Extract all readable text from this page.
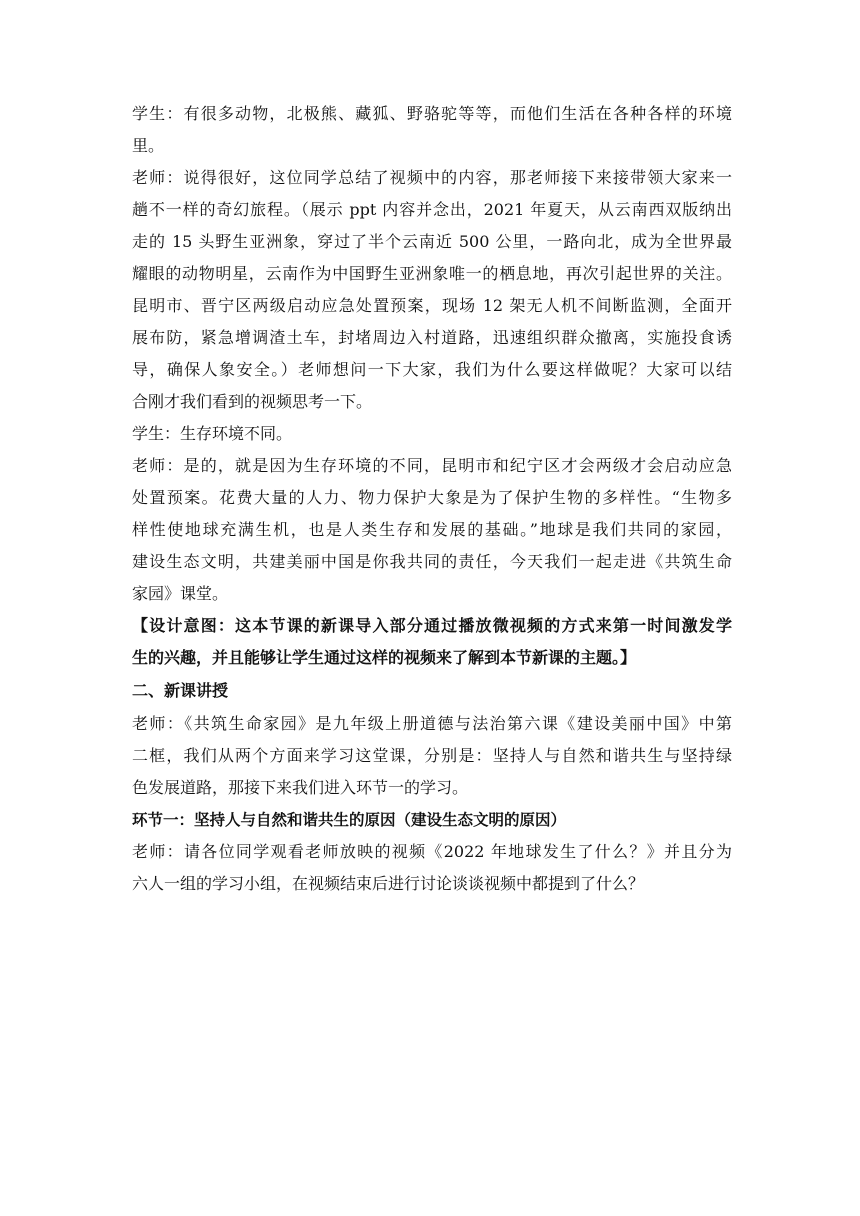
学生：有很多动物，北极熊、藏狐、野骆驼等等，而他们生活在各种各样的环境
里。
老师：说得很好，这位同学总结了视频中的内容，那老师接下来接带领大家来一
趟不一样的奇幻旅程。（展示 ppt 内容并念出，2021 年夏天，从云南西双版纳出
走的 15 头野生亚洲象，穿过了半个云南近 500 公里，一路向北，成为全世界最
耀眼的动物明星，云南作为中国野生亚洲象唯一的栖息地，再次引起世界的关注。
昆明市、晋宁区两级启动应急处置预案，现场 12 架无人机不间断监测，全面开
展布防，紧急增调渣土车，封堵周边入村道路，迅速组织群众撤离，实施投食诱
导，确保人象安全。）老师想问一下大家，我们为什么要这样做呢？大家可以结
合刚才我们看到的视频思考一下。
学生：生存环境不同。
老师：是的，就是因为生存环境的不同，昆明市和纪宁区才会两级才会启动应急
处置预案。花费大量的人力、物力保护大象是为了保护生物的多样性。“生物多
样性使地球充满生机，也是人类生存和发展的基础。”地球是我们共同的家园，
建设生态文明，共建美丽中国是你我共同的责任，今天我们一起走进《共筑生命
家园》课堂。
【设计意图：这本节课的新课导入部分通过播放微视频的方式来第一时间激发学
生的兴趣，并且能够让学生通过这样的视频来了解到本节新课的主题。】
二、新课讲授
老师：《共筑生命家园》是九年级上册道德与法治第六课《建设美丽中国》中第
二框，我们从两个方面来学习这堂课，分别是：坚持人与自然和谐共生与坚持绿
色发展道路，那接下来我们进入环节一的学习。
环节一：坚持人与自然和谐共生的原因（建设生态文明的原因）
老师：请各位同学观看老师放映的视频《2022 年地球发生了什么？》并且分为
六人一组的学习小组，在视频结束后进行讨论谈谈视频中都提到了什么？
